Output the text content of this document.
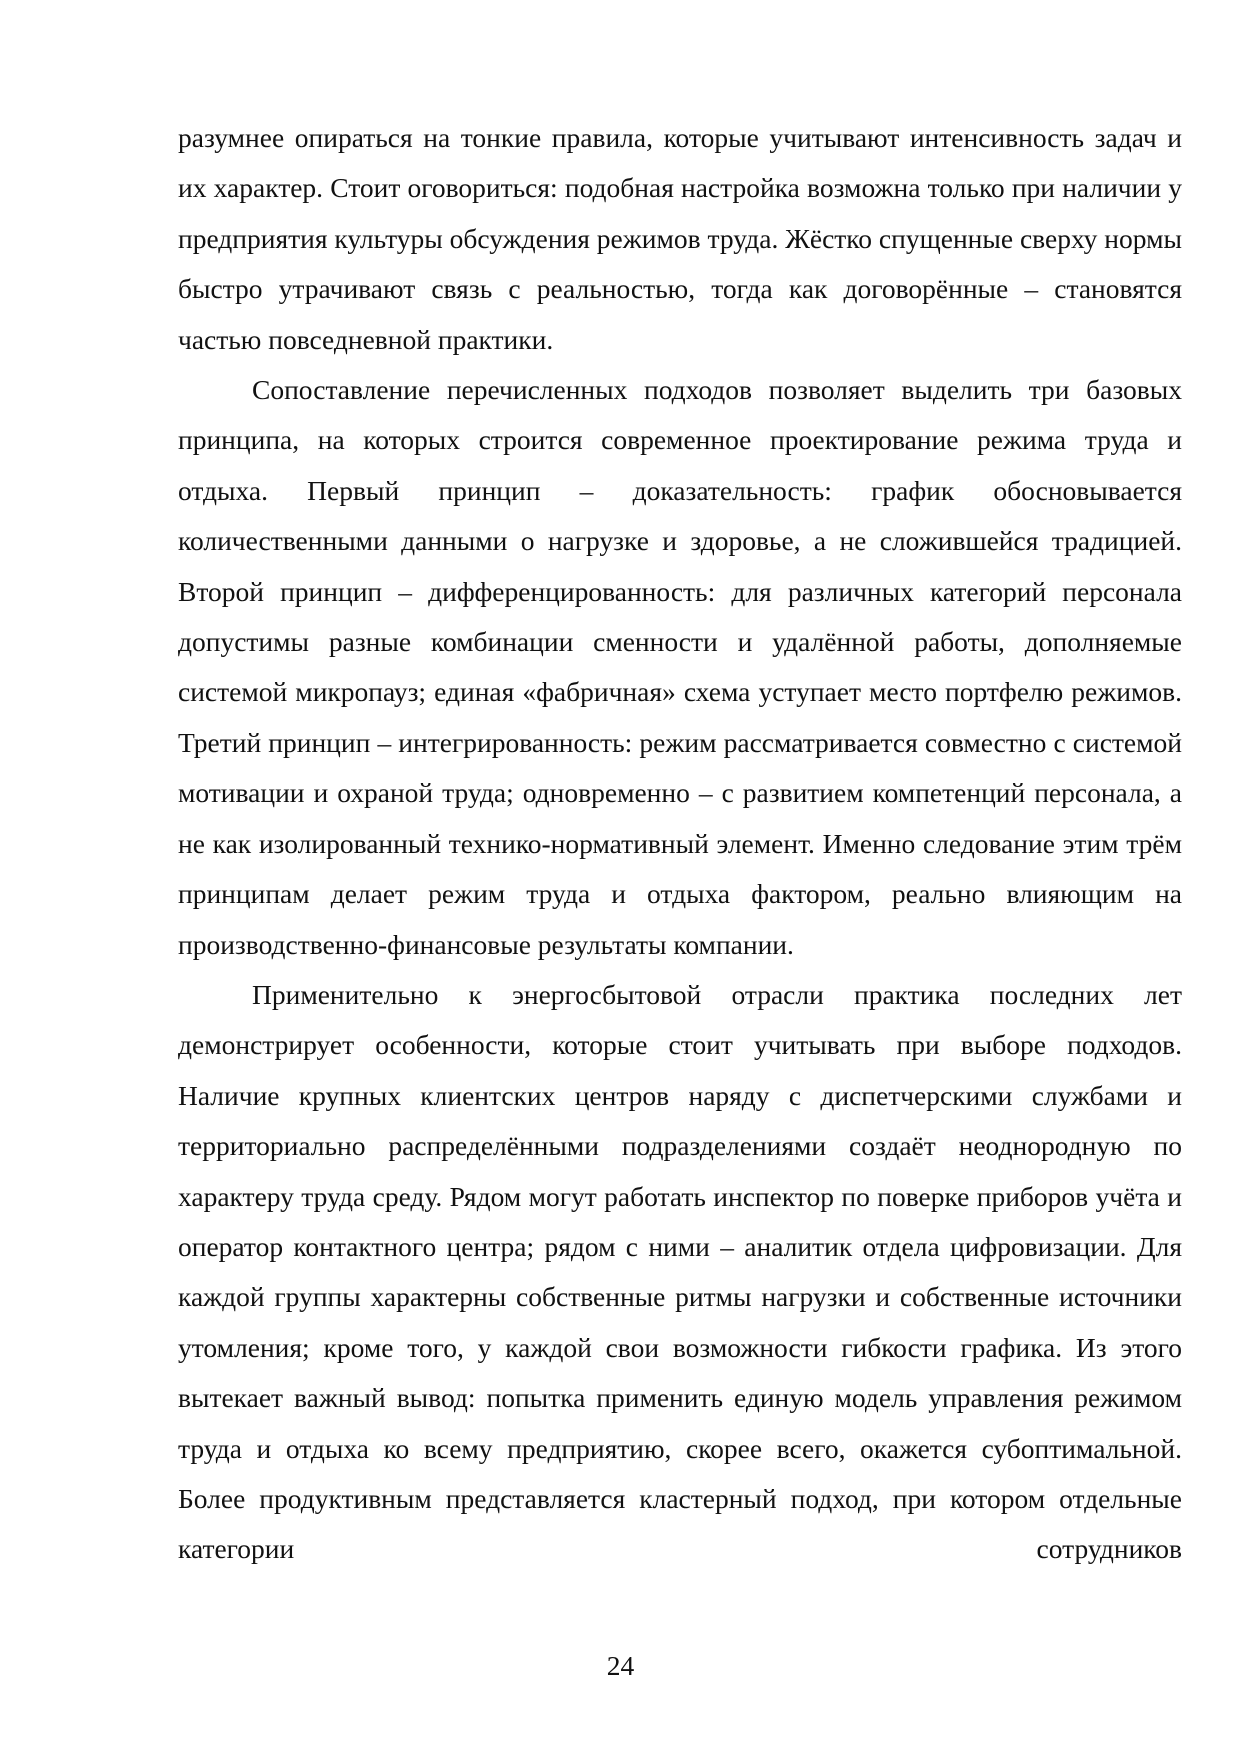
разумнее опираться на тонкие правила, которые учитывают интенсивность задач и их характер. Стоит оговориться: подобная настройка возможна только при наличии у предприятия культуры обсуждения режимов труда. Жёстко спущенные сверху нормы быстро утрачивают связь с реальностью, тогда как договорённые – становятся частью повседневной практики.

Сопоставление перечисленных подходов позволяет выделить три базовых принципа, на которых строится современное проектирование режима труда и отдыха. Первый принцип – доказательность: график обосновывается количественными данными о нагрузке и здоровье, а не сложившейся традицией. Второй принцип – дифференцированность: для различных категорий персонала допустимы разные комбинации сменности и удалённой работы, дополняемые системой микропауз; единая «фабричная» схема уступает место портфелю режимов. Третий принцип – интегрированность: режим рассматривается совместно с системой мотивации и охраной труда; одновременно – с развитием компетенций персонала, а не как изолированный технико-нормативный элемент. Именно следование этим трём принципам делает режим труда и отдыха фактором, реально влияющим на производственно-финансовые результаты компании.

Применительно к энергосбытовой отрасли практика последних лет демонстрирует особенности, которые стоит учитывать при выборе подходов. Наличие крупных клиентских центров наряду с диспетчерскими службами и территориально распределёнными подразделениями создаёт неоднородную по характеру труда среду. Рядом могут работать инспектор по поверке приборов учёта и оператор контактного центра; рядом с ними – аналитик отдела цифровизации. Для каждой группы характерны собственные ритмы нагрузки и собственные источники утомления; кроме того, у каждой свои возможности гибкости графика. Из этого вытекает важный вывод: попытка применить единую модель управления режимом труда и отдыха ко всему предприятию, скорее всего, окажется субоптимальной. Более продуктивным представляется кластерный подход, при котором отдельные категории сотрудников

24
